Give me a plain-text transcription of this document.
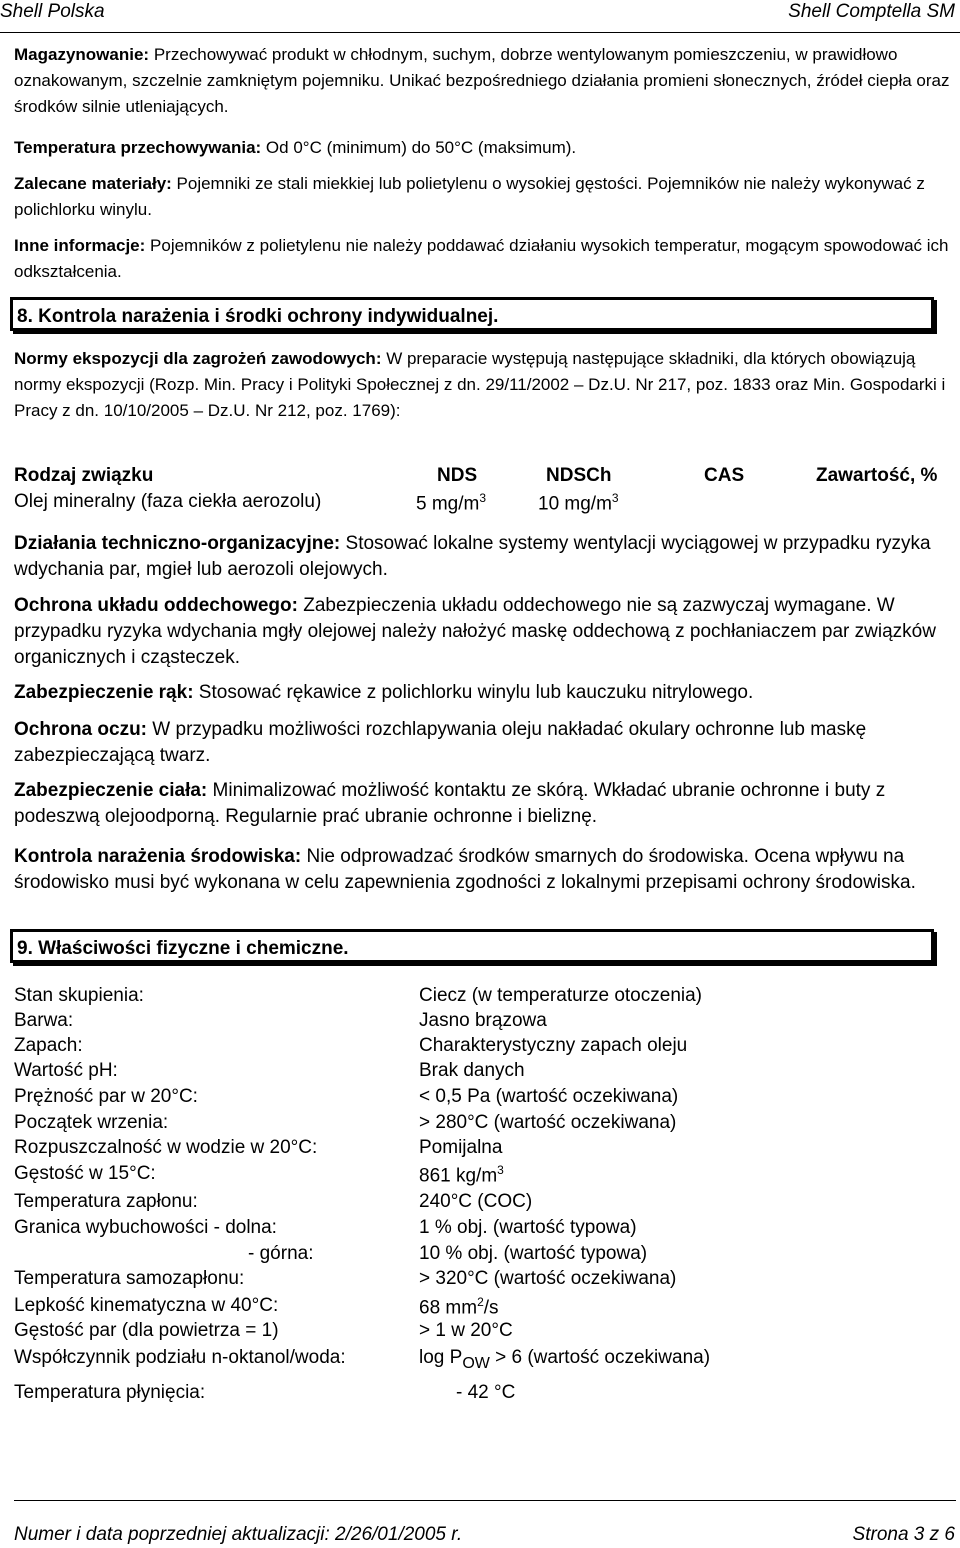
Shell Polska	Shell Comptella SM
Magazynowanie: Przechowywać produkt w chłodnym, suchym, dobrze wentylowanym pomieszczeniu, w prawidłowo oznakowanym, szczelnie zamkniętym pojemniku. Unikać bezpośredniego działania promieni słonecznych, źródeł ciepła oraz środków silnie utleniających.
Temperatura przechowywania: Od 0°C (minimum) do 50°C (maksimum).
Zalecane materiały: Pojemniki ze stali miekkiej lub polietylenu o wysokiej gęstości. Pojemników nie należy wykonywać z polichlorku winylu.
Inne informacje: Pojemników z polietylenu nie należy poddawać działaniu wysokich temperatur, mogącym spowodować ich odkształcenia.
8. Kontrola narażenia i środki ochrony indywidualnej.
Normy ekspozycji dla zagrożeń zawodowych: W preparacie występują następujące składniki, dla których obowiązują normy ekspozycji (Rozp. Min. Pracy i Polityki Społecznej z dn. 29/11/2002 – Dz.U. Nr 217, poz. 1833 oraz Min. Gospodarki i Pracy z dn. 10/10/2005 – Dz.U. Nr 212, poz. 1769):
Rodzaj związku	NDS	NDSCh	CAS	Zawartość, %
Olej mineralny (faza ciekła aerozolu)	5 $mg/m^3$	10 $mg/m^3$
Działania techniczno-organizacyjne: Stosować lokalne systemy wentylacji wyciągowej w przypadku ryzyka wdychania par, mgieł lub aerozoli olejowych.
Ochrona układu oddechowego: Zabezpieczenia układu oddechowego nie są zazwyczaj wymagane. W przypadku ryzyka wdychania mgły olejowej należy nałożyć maskę oddechową z pochłaniaczem par związków organicznych i cząsteczek.
Zabezpieczenie rąk: Stosować rękawice z polichlorku winylu lub kauczuku nitrylowego.
Ochrona oczu: W przypadku możliwości rozchlapywania oleju nakładać okulary ochronne lub maskę zabezpieczającą twarz.
Zabezpieczenie ciała: Minimalizować możliwość kontaktu ze skórą. Wkładać ubranie ochronne i buty z podeszwą olejoodporną. Regularnie prać ubranie ochronne i bieliznę.
Kontrola narażenia środowiska: Nie odprowadzać środków smarnych do środowiska. Ocena wpływu na środowisko musi być wykonana w celu zapewnienia zgodności z lokalnymi przepisami ochrony środowiska.
9. Właściwości fizyczne i chemiczne.
Stan skupienia:	Ciecz (w temperaturze otoczenia)
Barwa:	Jasno brązowa
Zapach:	Charakterystyczny zapach oleju
Wartość pH:	Brak danych
Prężność par w 20°C:	< 0,5 Pa (wartość oczekiwana)
Początek wrzenia:	> 280°C (wartość oczekiwana)
Rozpuszczalność w wodzie w 20°C:	Pomijalna
Gęstość w 15°C:	861 $kg/m^3$
Temperatura zapłonu:	240°C (COC)
Granica wybuchowości - dolna:	1 % obj. (wartość typowa)
- górna:	10 % obj. (wartość typowa)
Temperatura samozapłonu:	> 320°C (wartość oczekiwana)
Lepkość kinematyczna w 40°C:	68 $mm^2/s$
Gęstość par (dla powietrza = 1)	> 1 w 20°C
Współczynnik podziału n-oktanol/woda:	$\log P_{OW} > 6$ (wartość oczekiwana)
Temperatura płynięcia:	- 42 °C
Numer i data poprzedniej aktualizacji: 2/26/01/2005 r.	Strona 3 z 6
